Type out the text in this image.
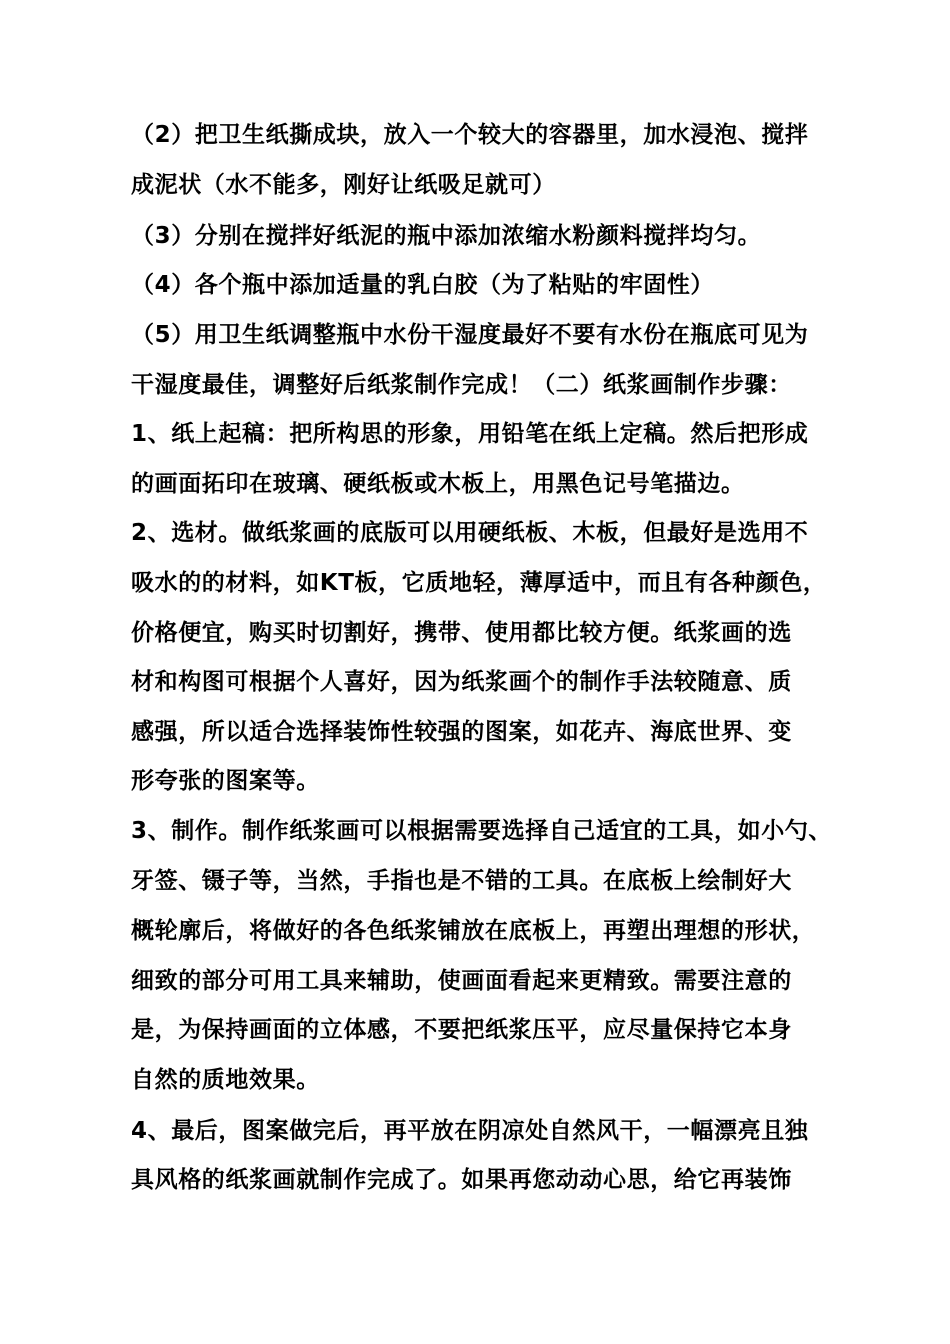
（2）把卫生纸撕成块，放入一个较大的容器里，加水浸泡、搅拌
成泥状（水不能多，刚好让纸吸足就可）
（3）分别在搅拌好纸泥的瓶中添加浓缩水粉颜料搅拌均匀。
（4）各个瓶中添加适量的乳白胶（为了粘贴的牢固性）
（5）用卫生纸调整瓶中水份干湿度最好不要有水份在瓶底可见为
干湿度最佳，调整好后纸浆制作完成！（二）纸浆画制作步骤：
1、纸上起稿：把所构思的形象，用铅笔在纸上定稿。然后把形成
的画面拓印在玻璃、硬纸板或木板上，用黑色记号笔描边。
2、选材。做纸浆画的底版可以用硬纸板、木板，但最好是选用不
吸水的的材料，如KT板，它质地轻，薄厚适中，而且有各种颜色，
价格便宜，购买时切割好，携带、使用都比较方便。纸浆画的选
材和构图可根据个人喜好，因为纸浆画个的制作手法较随意、质
感强，所以适合选择装饰性较强的图案，如花卉、海底世界、变
形夸张的图案等。
3、制作。制作纸浆画可以根据需要选择自己适宜的工具，如小勺、
牙签、镊子等，当然，手指也是不错的工具。在底板上绘制好大
概轮廓后，将做好的各色纸浆铺放在底板上，再塑出理想的形状，
细致的部分可用工具来辅助，使画面看起来更精致。需要注意的
是，为保持画面的立体感，不要把纸浆压平，应尽量保持它本身
自然的质地效果。
4、最后，图案做完后，再平放在阴凉处自然风干，一幅漂亮且独
具风格的纸浆画就制作完成了。如果再您动动心思，给它再装饰
